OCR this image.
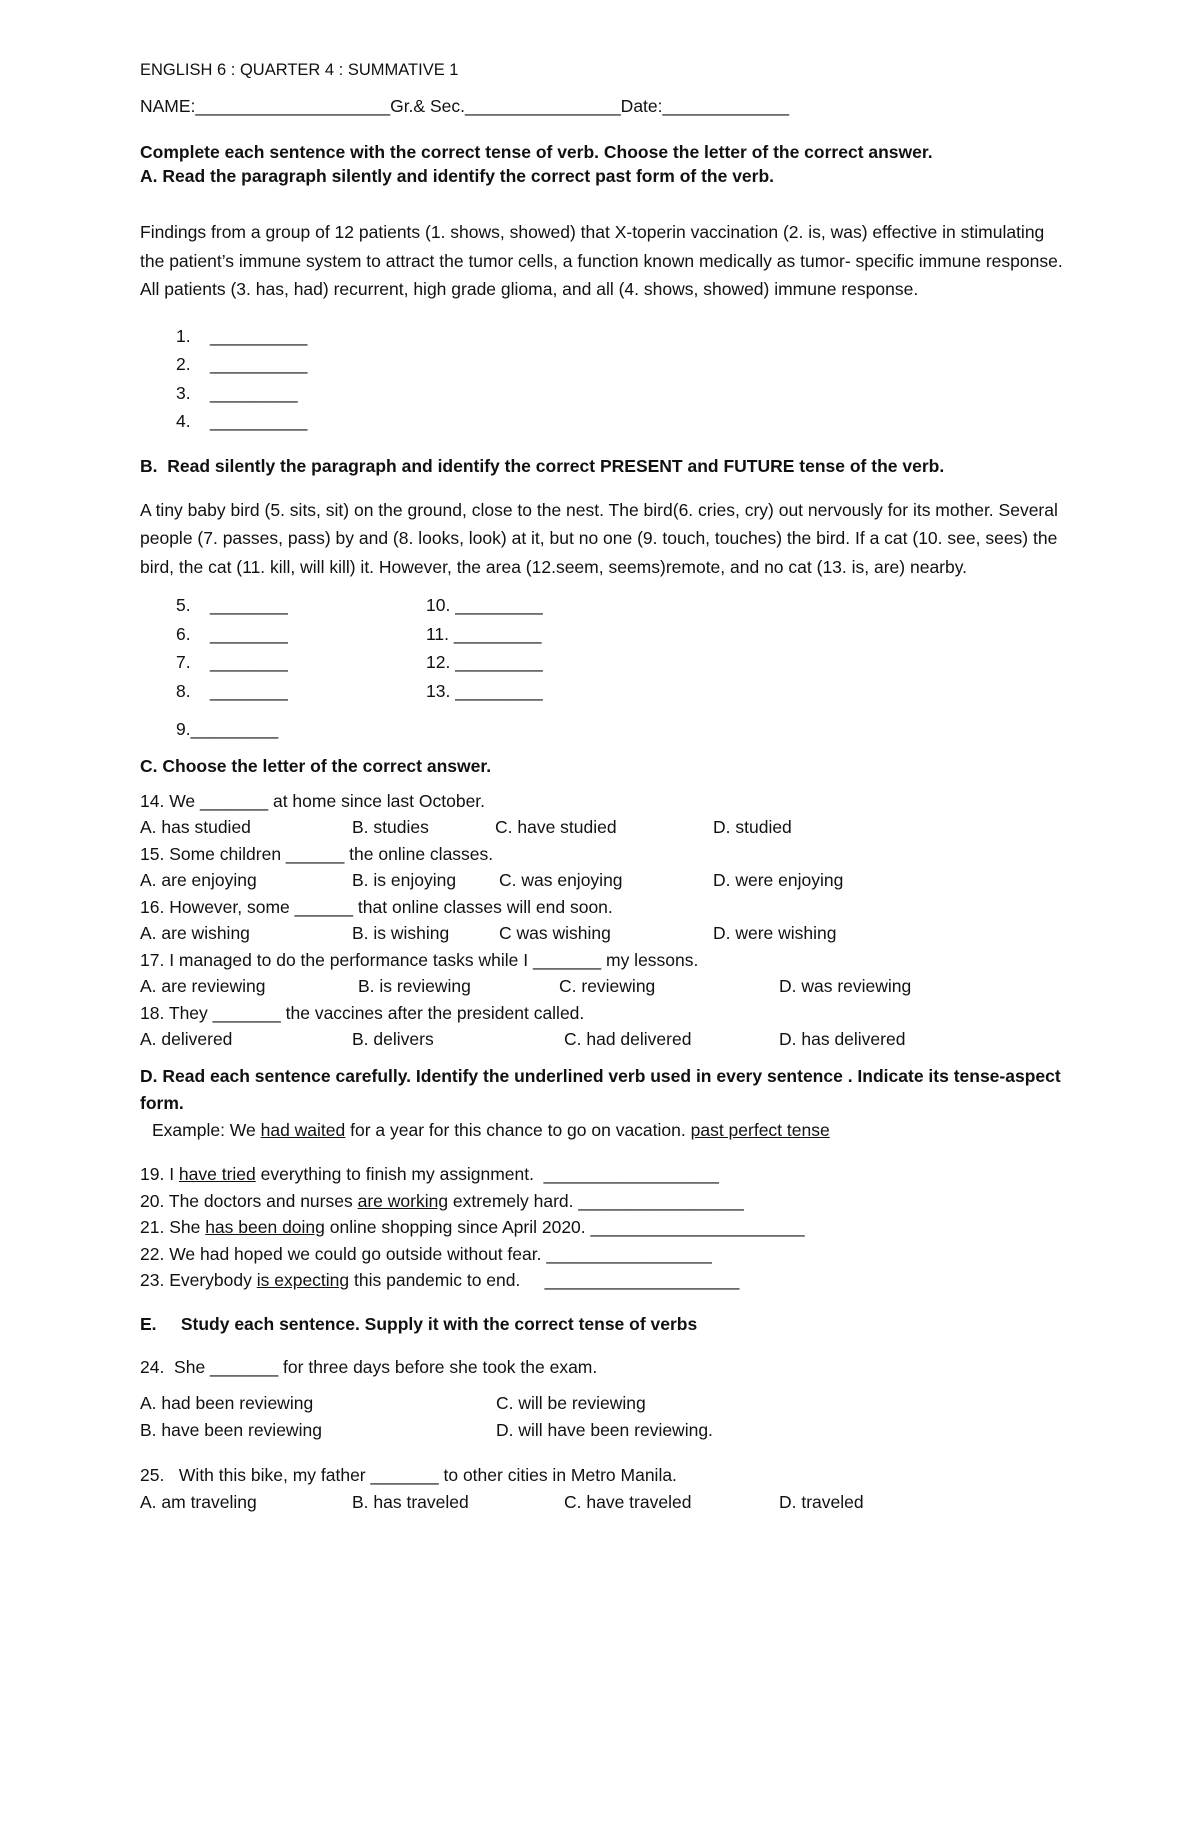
ENGLISH 6 : QUARTER 4 : SUMMATIVE 1
NAME:____________________Gr.& Sec.________________Date:_____________
Complete each sentence with the correct tense of verb. Choose the letter of the correct answer.
A. Read the paragraph silently and identify the correct past form of the verb.
Findings from a group of 12 patients (1. shows, showed) that X-toperin vaccination (2. is, was) effective in stimulating the patient’s immune system to attract the tumor cells, a function known medically as tumor- specific immune response. All patients (3. has, had) recurrent, high grade glioma, and all (4. shows, showed) immune response.
1. __________
2. __________
3. _________
4. __________
B.  Read silently the paragraph and identify the correct PRESENT and FUTURE tense of the verb.
A tiny baby bird (5. sits, sit) on the ground, close to the nest. The bird(6. cries, cry) out nervously for its mother. Several people (7. passes, pass) by and (8. looks, look) at it, but no one (9. touch, touches) the bird. If a cat (10. see, sees) the bird, the cat (11. kill, will kill) it. However, the area (12.seem, seems)remote, and no cat (13. is, are) nearby.
5. ________
6. ________
7. ________
8. ________
10. _________
11. _________
12. _________
13. _________
9._________
C. Choose the letter of the correct answer.
14. We _______ at home since last October.
A. has studied	B. studies	C. have studied	D. studied
15. Some children ______ the online classes.
A. are enjoying	B. is enjoying	C. was enjoying	D. were enjoying
16. However, some ______ that online classes will end soon.
A. are wishing	B. is wishing	C was wishing	D. were wishing
17. I managed to do the performance tasks while I _______ my lessons.
A. are reviewing	B. is reviewing	C. reviewing	D. was reviewing
18. They _______ the vaccines after the president called.
A. delivered	B. delivers	C. had delivered	D. has delivered
D. Read each sentence carefully. Identify the underlined verb used in every sentence . Indicate its tense-aspect form.
Example: We had waited for a year for this chance to go on vacation. past perfect tense
19. I have tried everything to finish my assignment.  __________________
20. The doctors and nurses are working extremely hard. _________________
21. She has been doing online shopping since April 2020. ______________________
22. We had hoped we could go outside without fear. _________________
23. Everybody is expecting this pandemic to end.     ____________________
E.     Study each sentence. Supply it with the correct tense of verbs
24.  She _______ for three days before she took the exam.
A. had been reviewing	C. will be reviewing
B. have been reviewing	D. will have been reviewing.
25.   With this bike, my father _______ to other cities in Metro Manila.
A. am traveling	B. has traveled	C. have traveled	D. traveled
